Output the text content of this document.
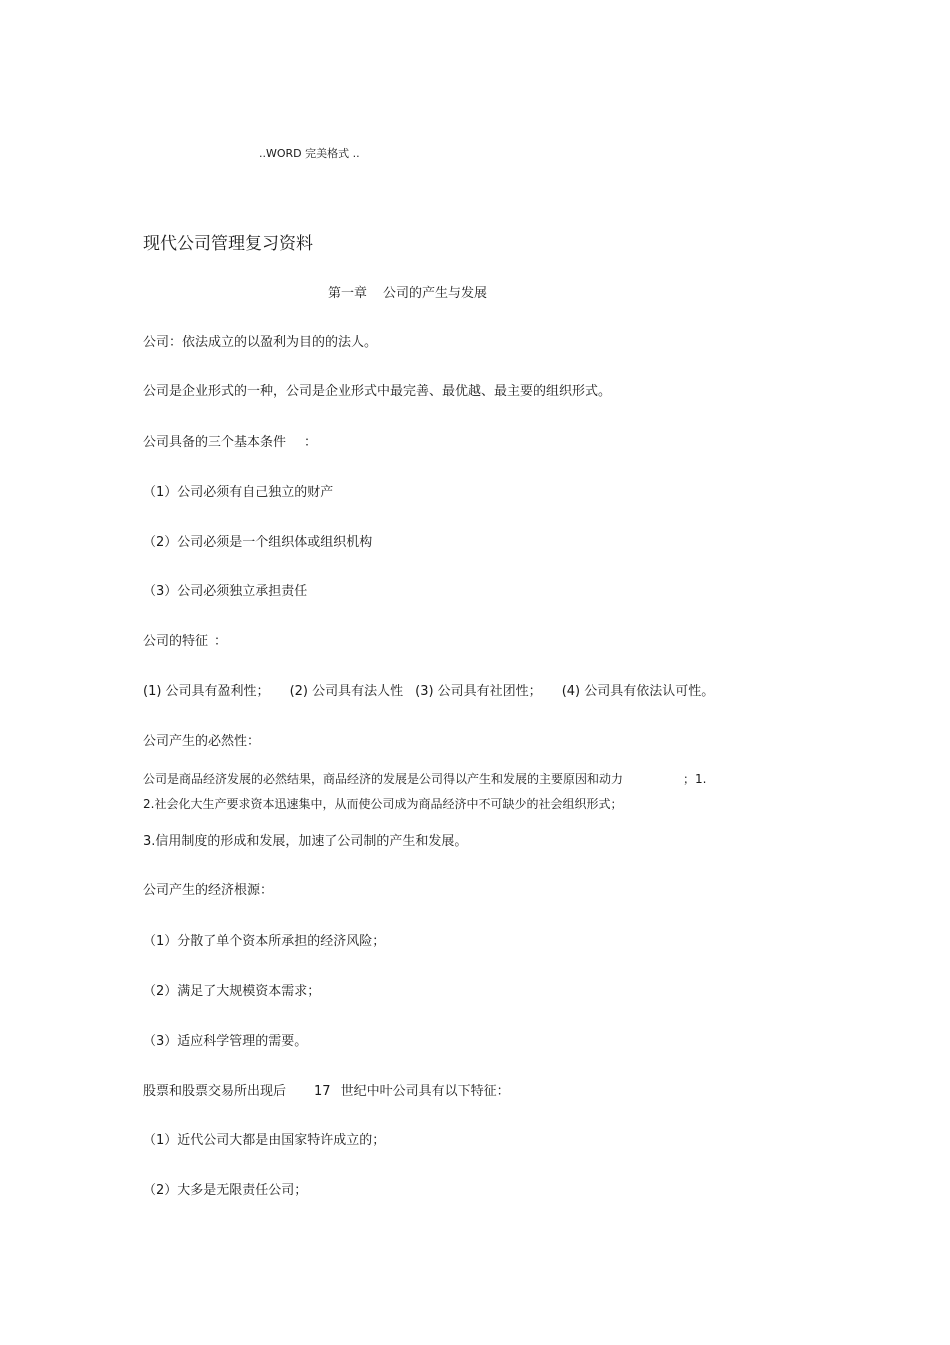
..WORD 完美格式 ..
现代公司管理复习资料
第一章 公司的产生与发展
公司：依法成立的以盈利为目的的法人。
公司是企业形式的一种，公司是企业形式中最完善、最优越、最主要的组织形式。
公司具备的三个基本条件 ：
（1）公司必须有自己独立的财产
（2）公司必须是一个组织体或组织机构
（3）公司必须独立承担责任
公司的特征 ：
(1) 公司具有盈利性； (2) 公司具有法人性 (3) 公司具有社团性； (4) 公司具有依法认可性。
公司产生的必然性：
公司是商品经济发展的必然结果，商品经济的发展是公司得以产生和发展的主要原因和动力	；1.
2.社会化大生产要求资本迅速集中，从而使公司成为商品经济中不可缺少的社会组织形式；
3.信用制度的形成和发展，加速了公司制的产生和发展。
公司产生的经济根源：
（1）分散了单个资本所承担的经济风险；
（2）满足了大规模资本需求；
（3）适应科学管理的需要。
股票和股票交易所出现后 17 世纪中叶公司具有以下特征：
（1）近代公司大都是由国家特许成立的；
（2）大多是无限责任公司；
